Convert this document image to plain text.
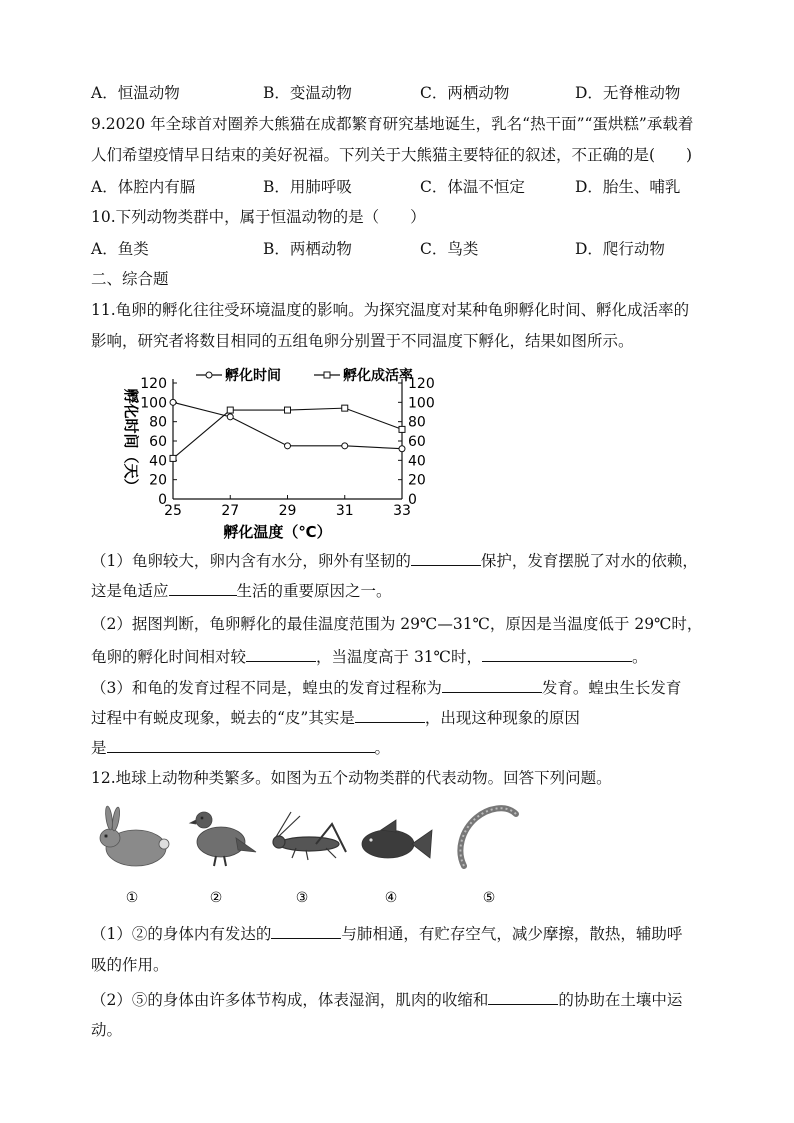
A．恒温动物	B．变温动物	C．两栖动物	D．无脊椎动物
9.2020 年全球首对圈养大熊猫在成都繁育研究基地诞生，乳名“热干面”“蛋烘糕”承载着
人们希望疫情早日结束的美好祝福。下列关于大熊猫主要特征的叙述，不正确的是(　　)
A．体腔内有膈	B．用肺呼吸	C．体温不恒定	D．胎生、哺乳
10.下列动物类群中，属于恒温动物的是（　　）
A．鱼类	B．两栖动物	C．鸟类	D．爬行动物
二、综合题
11.龟卵的孵化往往受环境温度的影响。为探究温度对某种龟卵孵化时间、孵化成活率的
影响，研究者将数目相同的五组龟卵分别置于不同温度下孵化，结果如图所示。
0
20
40
60
80
100
120
0
20
40
60
80
100
120
25	27	29	31	33
孵化温度（℃）
孵化时间（天）
孵化时间	孵化成活率
（1）龟卵较大，卵内含有水分，卵外有坚韧的	保护，发育摆脱了对水的依赖，
这是龟适应	生活的重要原因之一。
（2）据图判断，龟卵孵化的最佳温度范围为 29℃—31℃，原因是当温度低于 29℃时，
龟卵的孵化时间相对较	，当温度高于 31℃时，	。
（3）和龟的发育过程不同是，蝗虫的发育过程称为	发育。蝗虫生长发育
过程中有蜕皮现象，蜕去的“皮”其实是	，出现这种现象的原因
是	。
12.地球上动物种类繁多。如图为五个动物类群的代表动物。回答下列问题。
①	②	③	④	⑤
（1）②的身体内有发达的	与肺相通，有贮存空气，减少摩擦，散热，辅助呼
吸的作用。
（2）⑤的身体由许多体节构成，体表湿润，肌肉的收缩和	的协助在土壤中运
动。
